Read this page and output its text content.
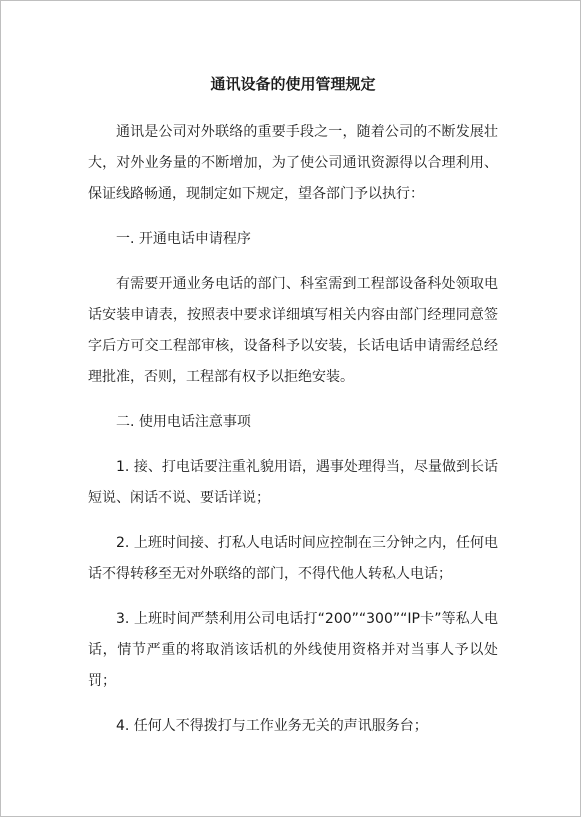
通讯设备的使用管理规定

通讯是公司对外联络的重要手段之一，随着公司的不断发展壮大，对外业务量的不断增加，为了使公司通讯资源得以合理利用、保证线路畅通，现制定如下规定，望各部门予以执行：

一. 开通电话申请程序

有需要开通业务电话的部门、科室需到工程部设备科处领取电话安装申请表，按照表中要求详细填写相关内容由部门经理同意签字后方可交工程部审核，设备科予以安装，长话电话申请需经总经理批准，否则，工程部有权予以拒绝安装。

二. 使用电话注意事项

1. 接、打电话要注重礼貌用语，遇事处理得当，尽量做到长话短说、闲话不说、要话详说；

2. 上班时间接、打私人电话时间应控制在三分钟之内，任何电话不得转移至无对外联络的部门，不得代他人转私人电话；

3. 上班时间严禁利用公司电话打“200”“300”“IP卡”等私人电话，情节严重的将取消该话机的外线使用资格并对当事人予以处罚；

4. 任何人不得拨打与工作业务无关的声讯服务台；
